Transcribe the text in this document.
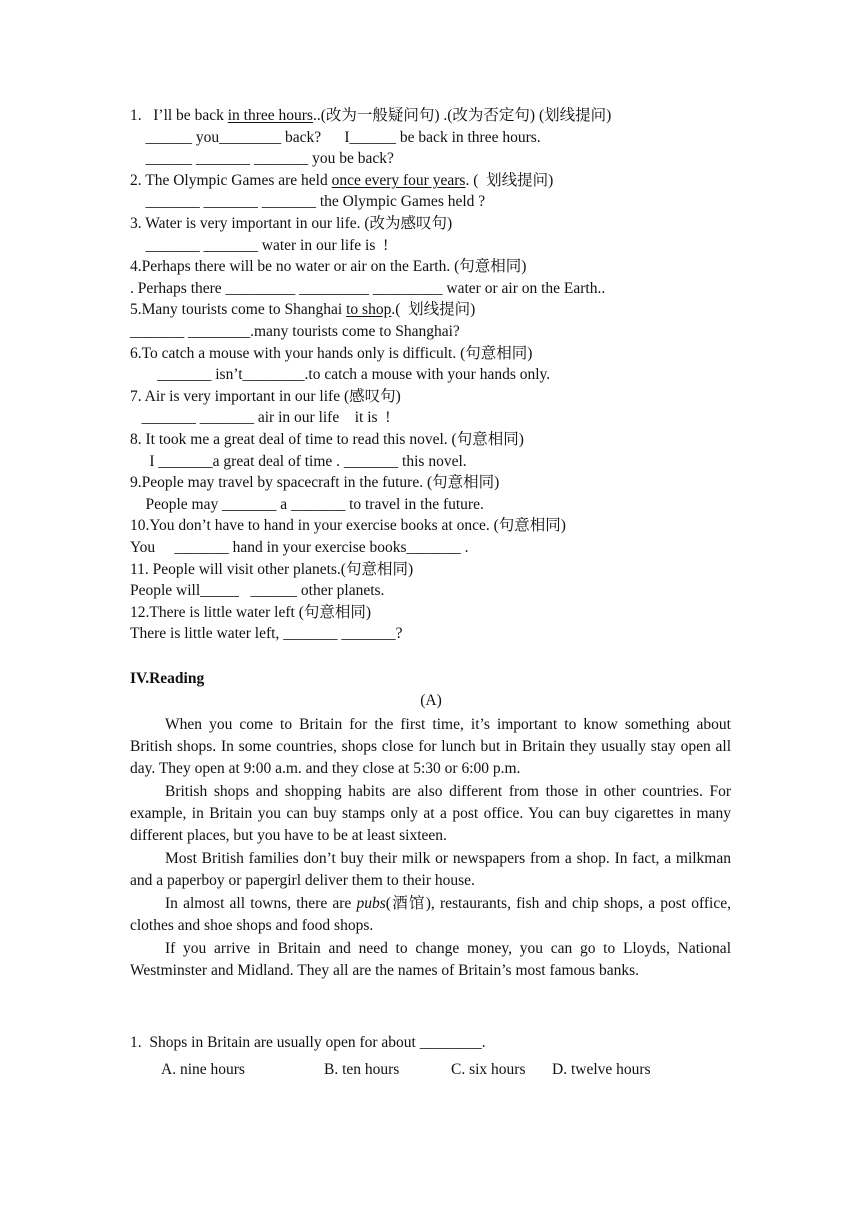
1.   I’ll be back in three hours..(改为一般疑问句) .(改为否定句) (划线提问)
______ you________ back?      I______ be back in three hours.
______ _______ _______ you be back?
2. The Olympic Games are held once every four years. (  划线提问)
_______ _______ _______ the Olympic Games held ?
3. Water is very important in our life. (改为感叹句)
_______ _______ water in our life is  !
4.Perhaps there will be no water or air on the Earth. (句意相同)
. Perhaps there _________ _________ _________ water or air on the Earth..
5.Many tourists come to Shanghai to shop.(  划线提问)
_______ ________.many tourists come to Shanghai?
6.To catch a mouse with your hands only is difficult. (句意相同)
_______ isn’t________.to catch a mouse with your hands only.
7. Air is very important in our life (感叹句)
_______ _______ air in our life    it is  !
8. It took me a great deal of time to read this novel. (句意相同)
I _______a great deal of time . _______ this novel.
9.People may travel by spacecraft in the future. (句意相同)
People may _______ a _______ to travel in the future.
10.You don’t have to hand in your exercise books at once. (句意相同)
You     _______ hand in your exercise books_______ .
11. People will visit other planets.(句意相同)
People will_____   ______ other planets.
12.There is little water left (句意相同)
There is little water left, _______ _______?
IV.Reading
(A)

When you come to Britain for the first time, it’s important to know something about British shops. In some countries, shops close for lunch but in Britain they usually stay open all day. They open at 9:00 a.m. and they close at 5:30 or 6:00 p.m.

British shops and shopping habits are also different from those in other countries. For example, in Britain you can buy stamps only at a post office. You can buy cigarettes in many different places, but you have to be at least sixteen.

Most British families don’t buy their milk or newspapers from a shop. In fact, a milkman and a paperboy or papergirl deliver them to their house.

In almost all towns, there are pubs(酒馆), restaurants, fish and chip shops, a post office, clothes and shoe shops and food shops.

If you arrive in Britain and need to change money, you can go to Lloyds, National Westminster and Midland. They all are the names of Britain’s most famous banks.

1.  Shops in Britain are usually open for about ________.
A. nine hours	B. ten hours	C. six hours D. twelve hours
